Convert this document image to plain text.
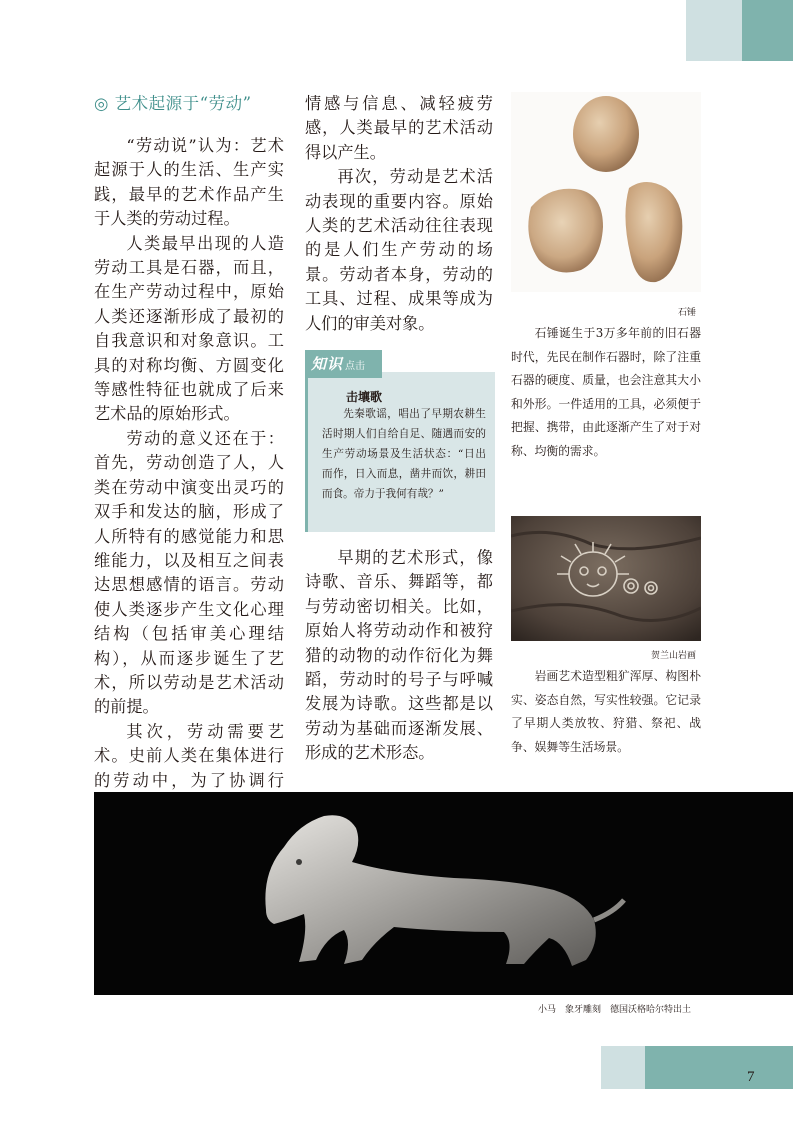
◎ 艺术起源于“劳动”

“劳动说”认为：艺术起源于人的生活、生产实践，最早的艺术作品产生于人类的劳动过程。

人类最早出现的人造劳动工具是石器，而且，在生产劳动过程中，原始人类还逐渐形成了最初的自我意识和对象意识。工具的对称均衡、方圆变化等感性特征也就成了后来艺术品的原始形式。

劳动的意义还在于：首先，劳动创造了人，人类在劳动中演变出灵巧的双手和发达的脑，形成了人所特有的感觉能力和思维能力，以及相互之间表达思想感情的语言。劳动使人类逐步产生文化心理结构（包括审美心理结构），从而逐步诞生了艺术，所以劳动是艺术活动的前提。

其次，劳动需要艺术。史前人类在集体进行的劳动中，为了协调行

情感与信息、减轻疲劳感，人类最早的艺术活动得以产生。

再次，劳动是艺术活动表现的重要内容。原始人类的艺术活动往往表现的是人们生产劳动的场景。劳动者本身，劳动的工具、过程、成果等成为人们的审美对象。

知识 点击
击壤歌

先秦歌谣，唱出了早期农耕生活时期人们自给自足、随遇而安的生产劳动场景及生活状态：“日出而作，日入而息，凿井而饮，耕田而食。帝力于我何有哉？”

早期的艺术形式，像诗歌、音乐、舞蹈等，都与劳动密切相关。比如，原始人将劳动动作和被狩猎的动物的动作衍化为舞蹈，劳动时的号子与呼喊发展为诗歌。这些都是以劳动为基础而逐渐发展、形成的艺术形态。

石锤

石锤诞生于3万多年前的旧石器时代，先民在制作石器时，除了注重石器的硬度、质量，也会注意其大小和外形。一件适用的工具，必须便于把握、携带，由此逐渐产生了对于对称、均衡的需求。

贺兰山岩画

岩画艺术造型粗犷浑厚、构图朴实、姿态自然，写实性较强。它记录了早期人类放牧、狩猎、祭祀、战争、娱舞等生活场景。

小马　象牙雕刻　德国沃格哈尔特出土
7
